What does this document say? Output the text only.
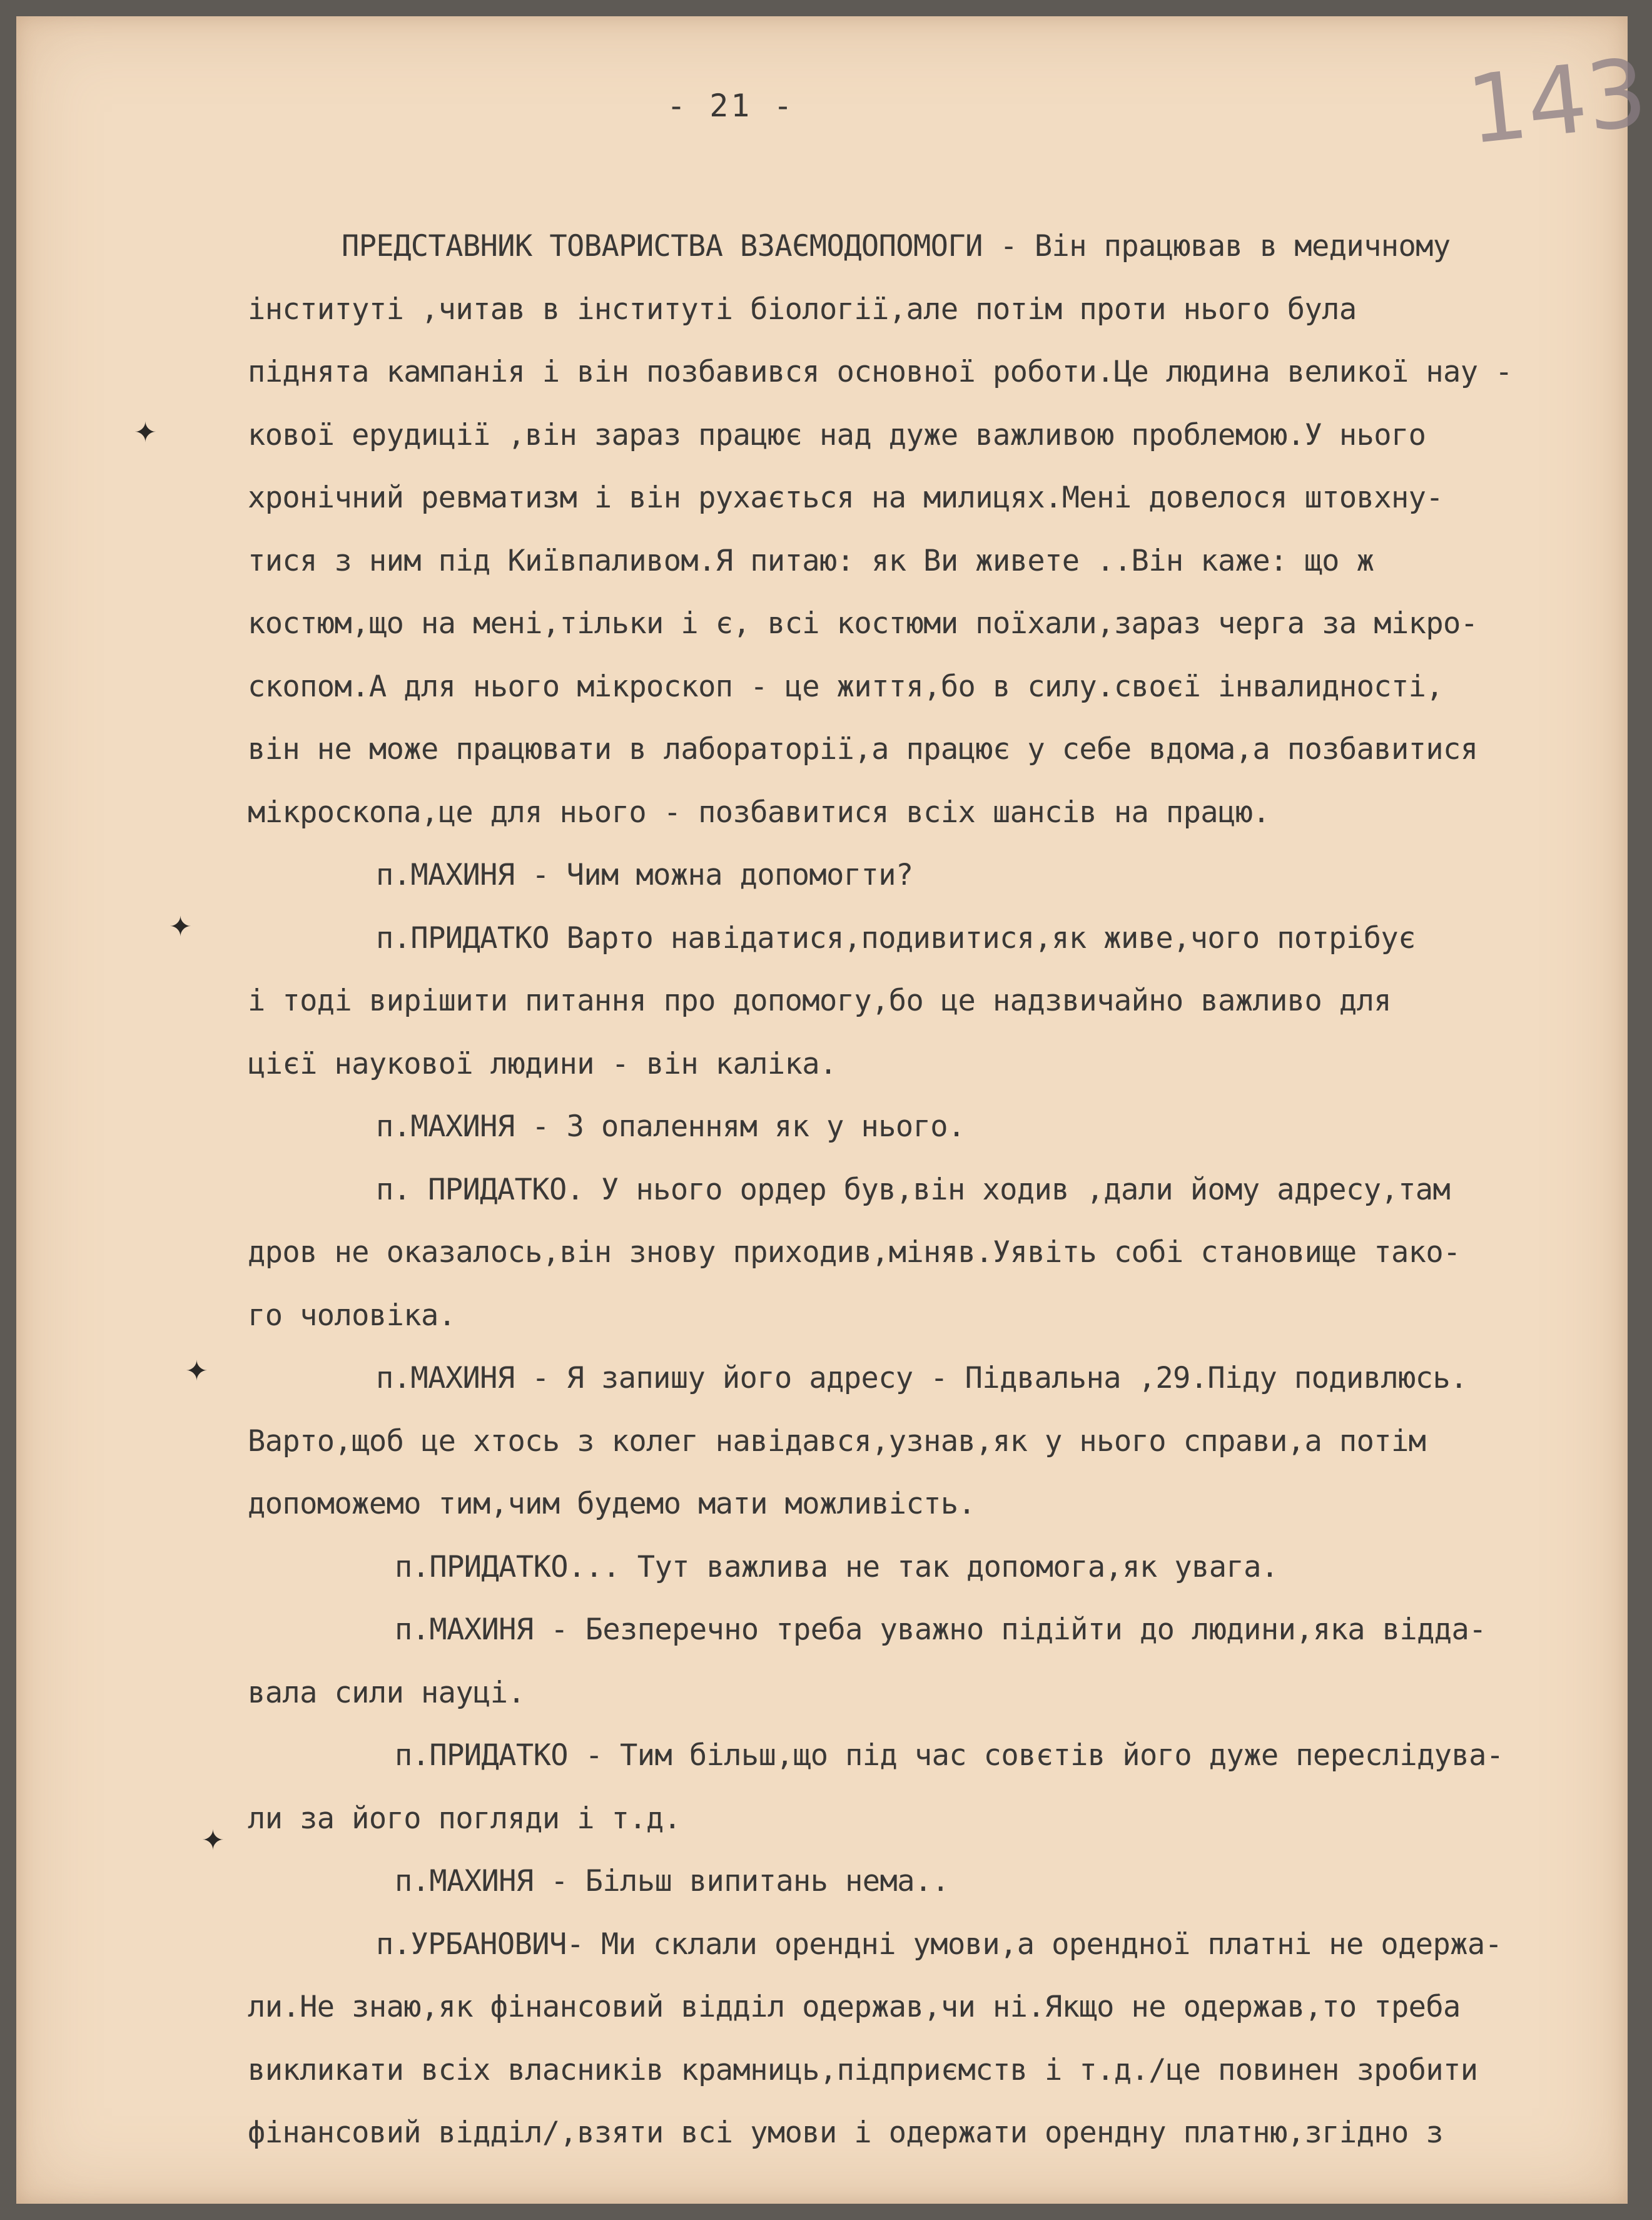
- 21 -	143
✦
✦
✦
✦
ПРЕДСТАВНИК ТОВАРИСТВА ВЗАЄМОДОПОМОГИ - Він працював в медичному
інституті ,читав в інституті біології,але потім проти нього була
піднята кампанія і він позбавився основної роботи.Це людина великої нау -
кової ерудиції ,він зараз працює над дуже важливою проблемою.У нього
хронічний ревматизм і він рухається на милицях.Мені довелося штовхну-
тися з ним під Київпаливом.Я питаю: як Ви живете ..Він каже: що ж
костюм,що на мені,тільки і є, всі костюми поїхали,зараз черга за мікро-
скопом.А для нього мікроскоп - це життя,бо в силу.своєї інвалидності,
він не може працювати в лабораторії,а працює у себе вдома,а позбавитися
мікроскопа,це для нього - позбавитися всіх шансів на працю.
п.МАХИНЯ - Чим можна допомогти?
п.ПРИДАТКО Варто навідатися,подивитися,як живе,чого потрібує
і тоді вирішити питання про допомогу,бо це надзвичайно важливо для
цієї наукової людини - він каліка.
п.МАХИНЯ - З опаленням як у нього.
п. ПРИДАТКО. У нього ордер був,він ходив ,дали йому адресу,там
дров не оказалось,він знову приходив,міняв.Уявіть собі становище тако-
го чоловіка.
п.МАХИНЯ - Я запишу його адресу - Підвальна ,29.Піду подивлюсь.
Варто,щоб це хтось з колег навідався,узнав,як у нього справи,а потім
допоможемо тим,чим будемо мати можливість.
п.ПРИДАТКО... Тут важлива не так допомога,як увага.
п.МАХИНЯ - Безперечно треба уважно підійти до людини,яка відда-
вала сили науці.
п.ПРИДАТКО - Тим більш,що під час совєтів його дуже переслідува-
ли за його погляди і т.д.
п.МАХИНЯ - Більш випитань нема..
п.УРБАНОВИЧ- Ми склали орендні умови,а орендної платні не одержа-
ли.Не знаю,як фінансовий відділ одержав,чи ні.Якщо не одержав,то треба
викликати всіх власників крамниць,підприємств і т.д./це повинен зробити
фінансовий відділ/,взяти всі умови і одержати орендну платню,згідно з
